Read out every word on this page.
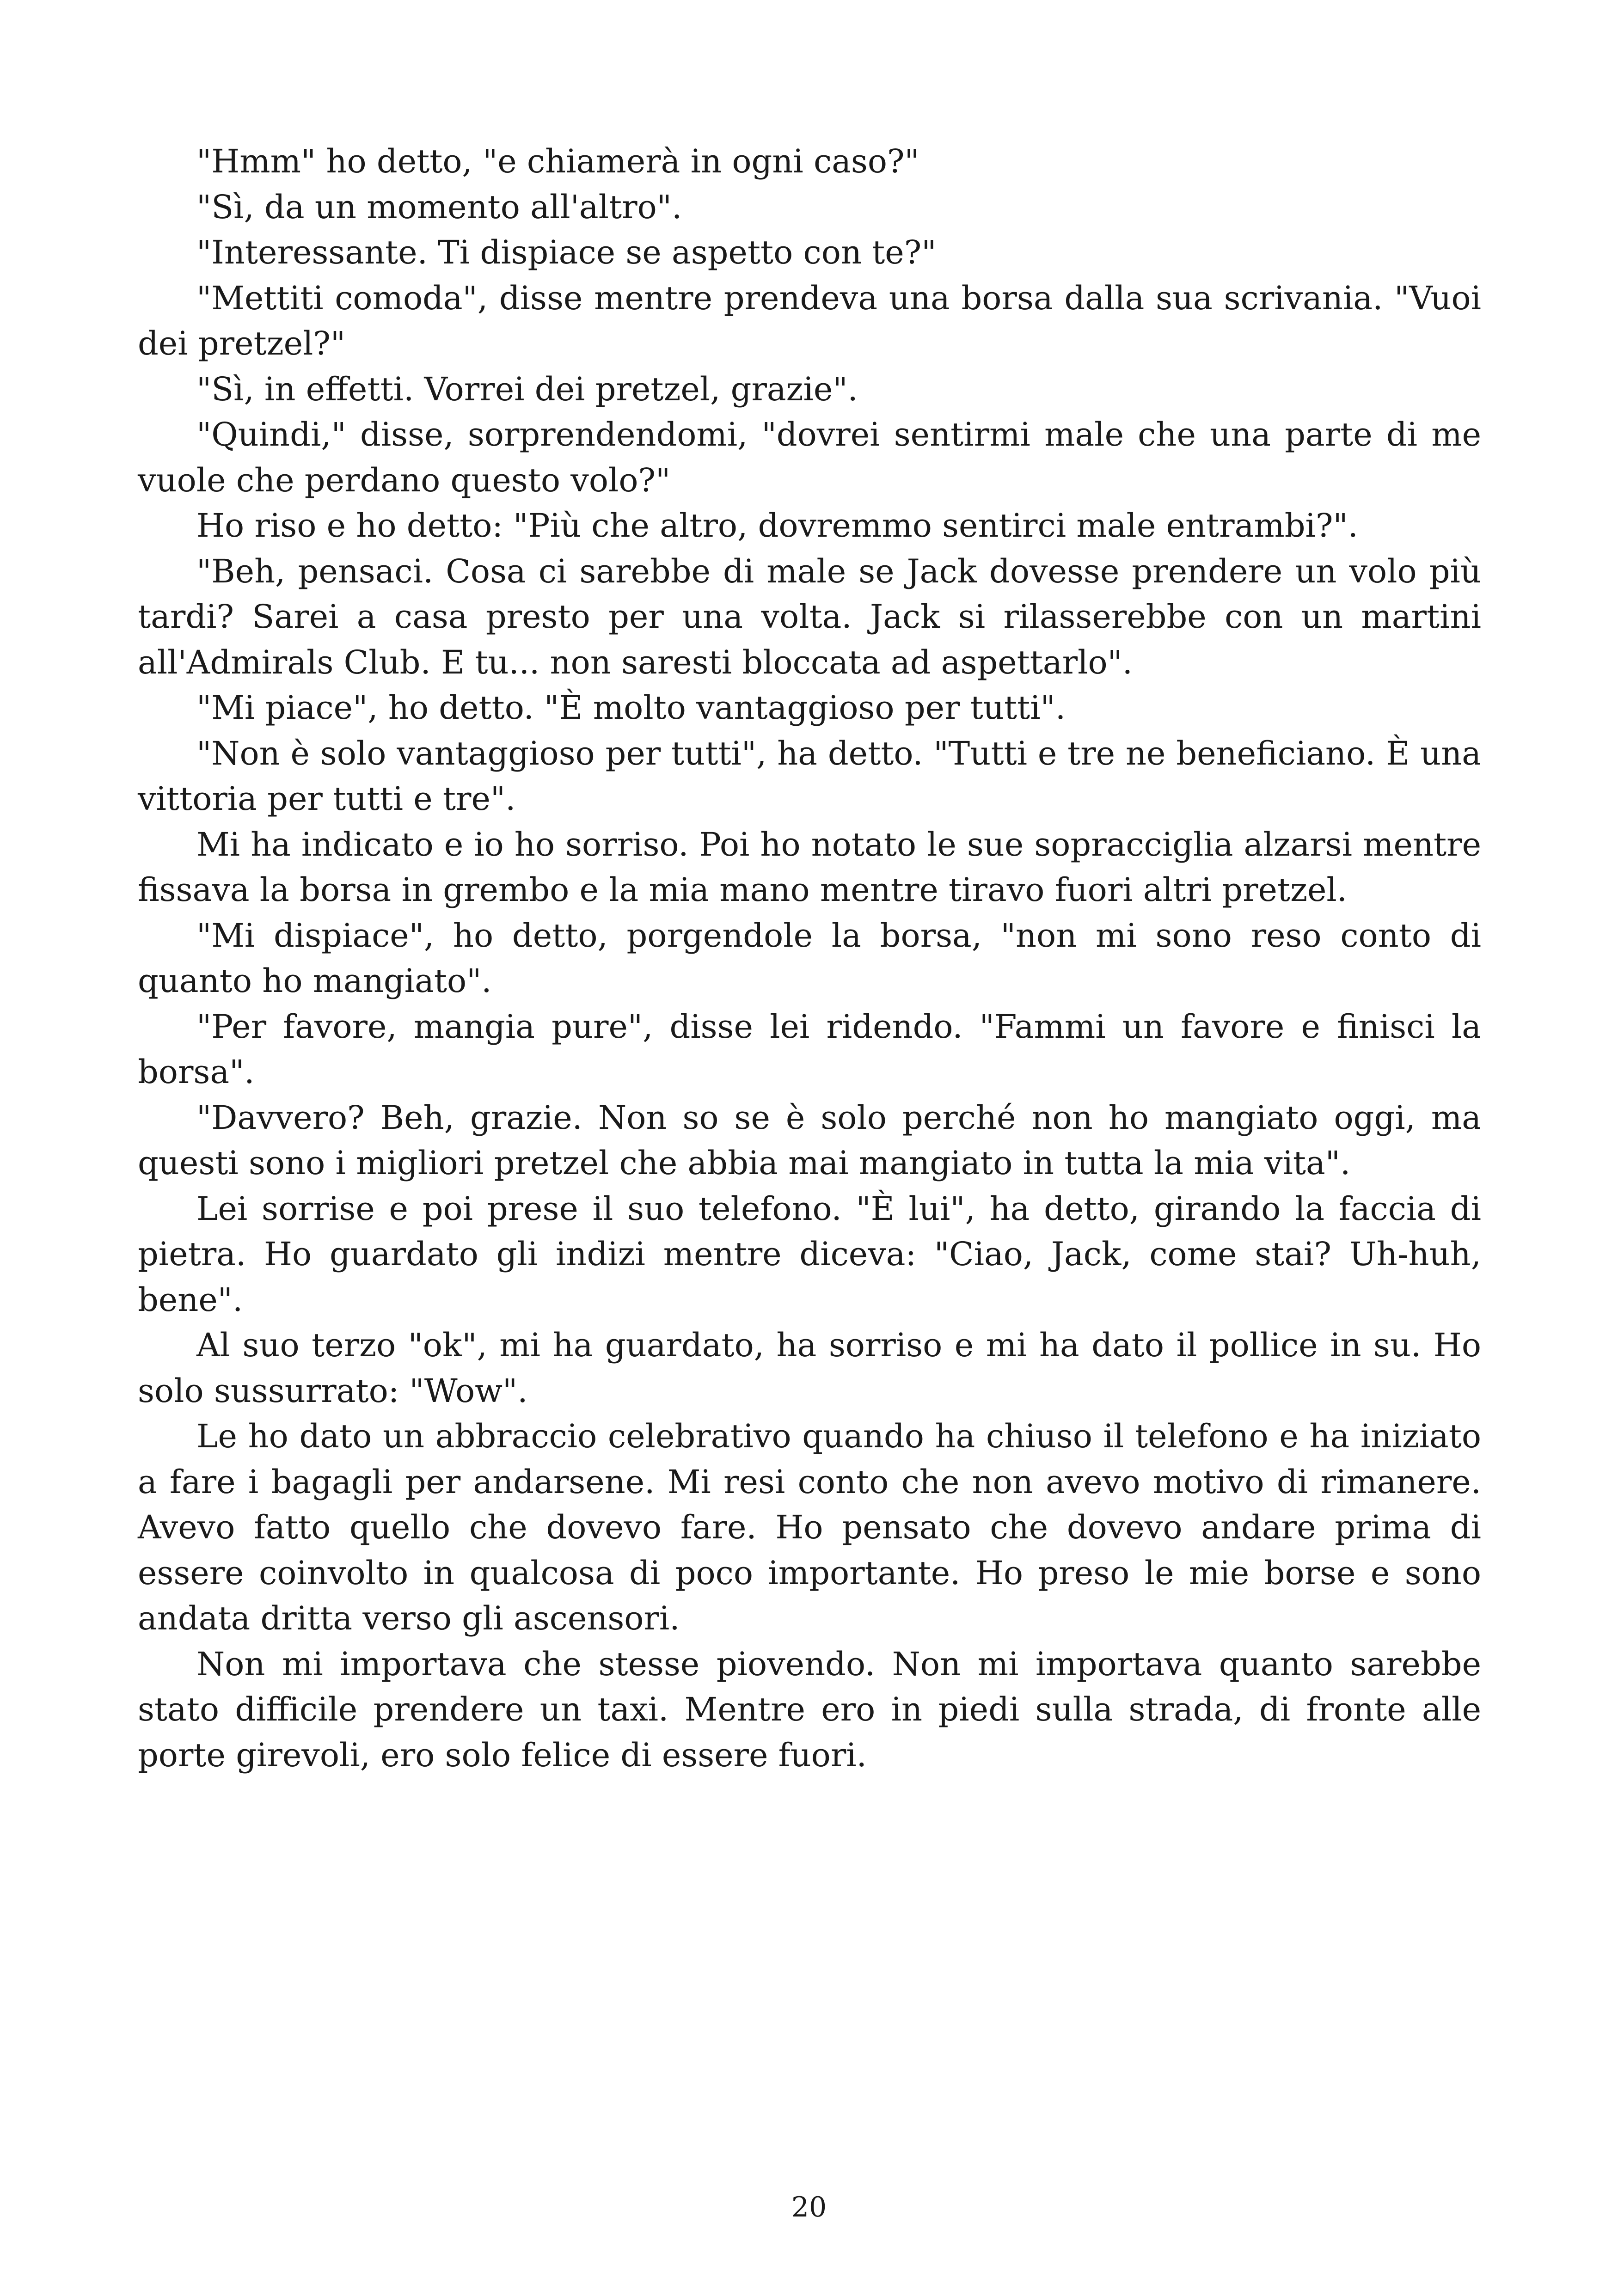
"Hmm" ho detto, "e chiamerà in ogni caso?"

"Sì, da un momento all'altro".

"Interessante. Ti dispiace se aspetto con te?"

"Mettiti comoda", disse mentre prendeva una borsa dalla sua scrivania. "Vuoi dei pretzel?"

"Sì, in effetti. Vorrei dei pretzel, grazie".

"Quindi," disse, sorprendendomi, "dovrei sentirmi male che una parte di me vuole che perdano questo volo?"

Ho riso e ho detto: "Più che altro, dovremmo sentirci male entrambi?".

"Beh, pensaci. Cosa ci sarebbe di male se Jack dovesse prendere un volo più tardi? Sarei a casa presto per una volta. Jack si rilasserebbe con un martini all'Admirals Club. E tu... non saresti bloccata ad aspettarlo".

"Mi piace", ho detto. "È molto vantaggioso per tutti".

"Non è solo vantaggioso per tutti", ha detto. "Tutti e tre ne beneficiano. È una vittoria per tutti e tre".

Mi ha indicato e io ho sorriso. Poi ho notato le sue sopracciglia alzarsi mentre fissava la borsa in grembo e la mia mano mentre tiravo fuori altri pretzel.

"Mi dispiace", ho detto, porgendole la borsa, "non mi sono reso conto di quanto ho mangiato".

"Per favore, mangia pure", disse lei ridendo. "Fammi un favore e finisci la borsa".

"Davvero? Beh, grazie. Non so se è solo perché non ho mangiato oggi, ma questi sono i migliori pretzel che abbia mai mangiato in tutta la mia vita".

Lei sorrise e poi prese il suo telefono. "È lui", ha detto, girando la faccia di pietra. Ho guardato gli indizi mentre diceva: "Ciao, Jack, come stai? Uh-huh, bene".

Al suo terzo "ok", mi ha guardato, ha sorriso e mi ha dato il pollice in su. Ho solo sussurrato: "Wow".

Le ho dato un abbraccio celebrativo quando ha chiuso il telefono e ha iniziato a fare i bagagli per andarsene. Mi resi conto che non avevo motivo di rimanere. Avevo fatto quello che dovevo fare. Ho pensato che dovevo andare prima di essere coinvolto in qualcosa di poco importante. Ho preso le mie borse e sono andata dritta verso gli ascensori.

Non mi importava che stesse piovendo. Non mi importava quanto sarebbe stato difficile prendere un taxi. Mentre ero in piedi sulla strada, di fronte alle porte girevoli, ero solo felice di essere fuori.

20
